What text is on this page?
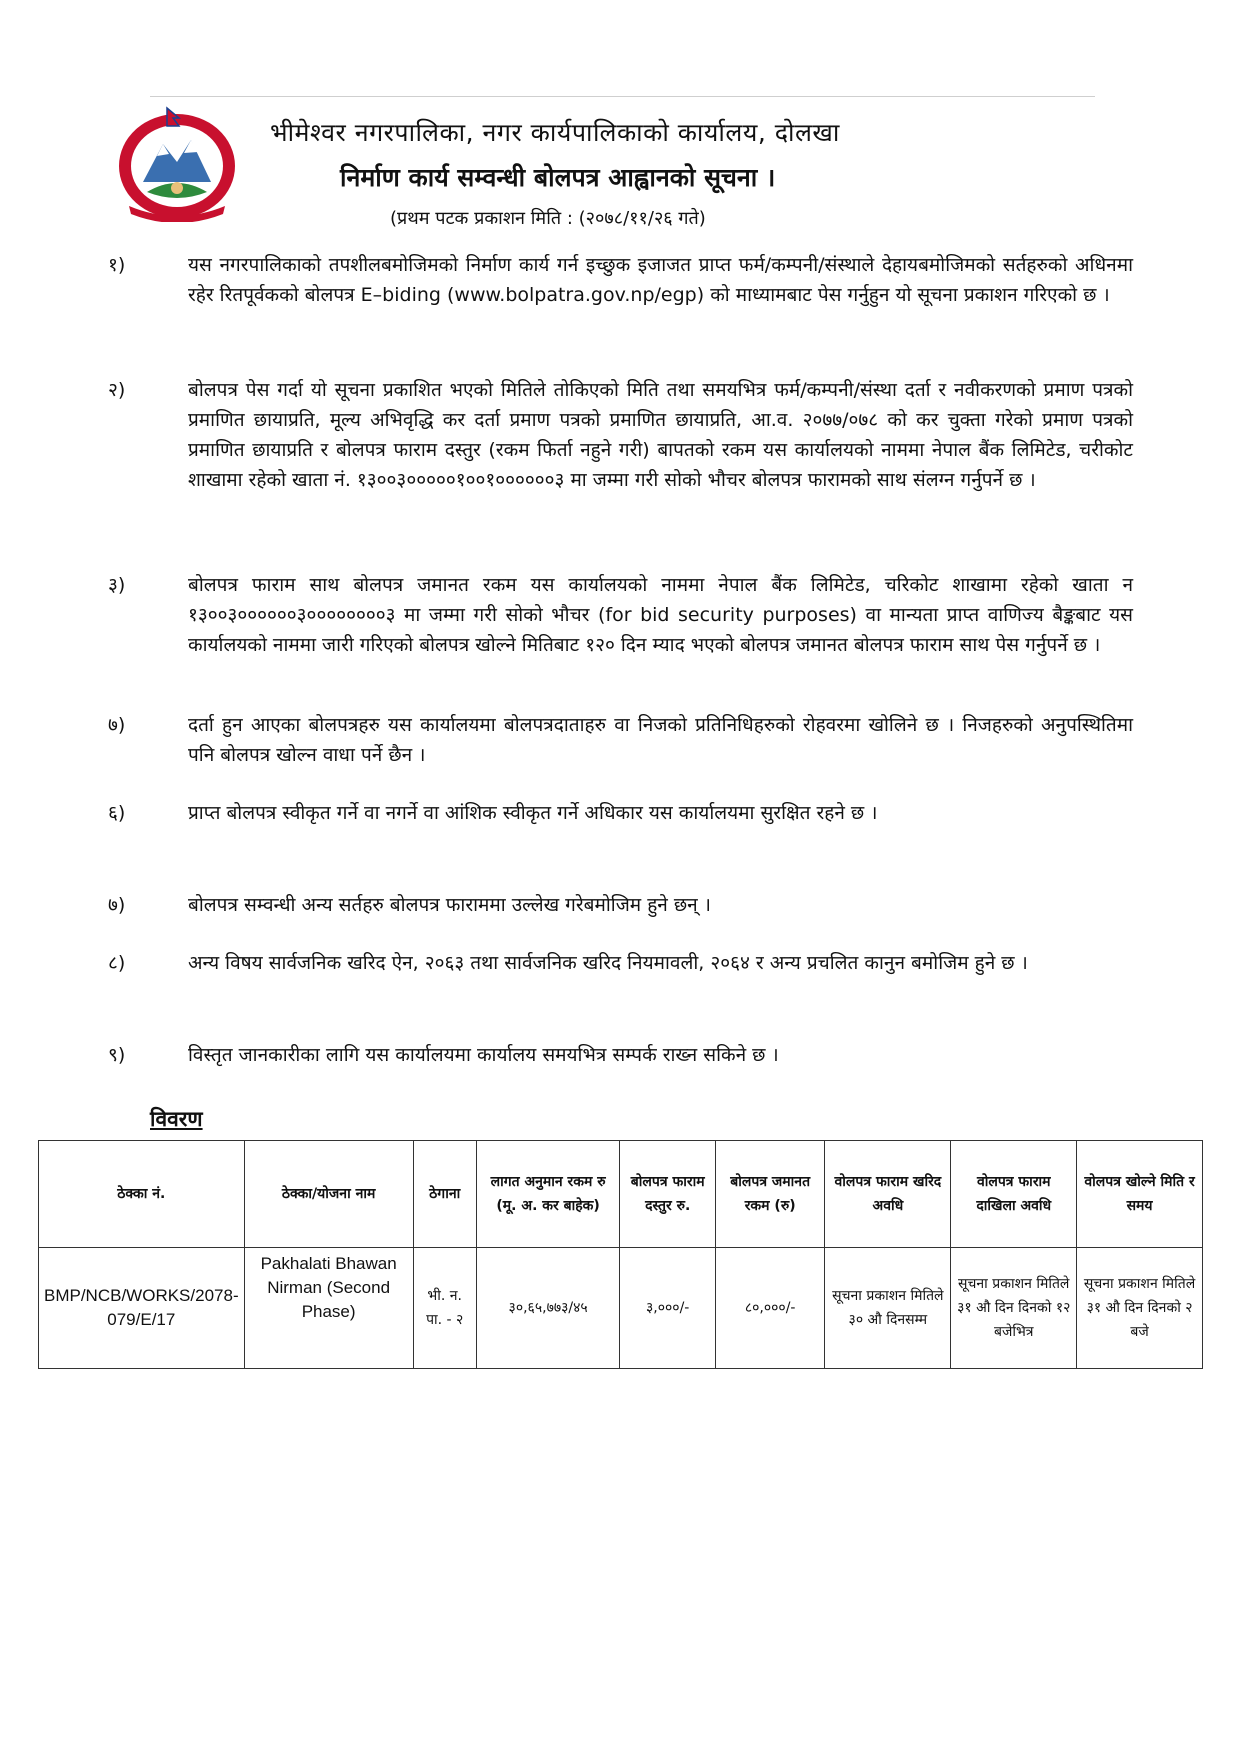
भीमेश्वर नगरपालिका, नगर कार्यपालिकाको कार्यालय, दोलखा
निर्माण कार्य सम्वन्धी बोलपत्र आह्वानको सूचना ।
(प्रथम पटक प्रकाशन मिति : (२०७८/११/२६ गते)
१)	यस नगरपालिकाको तपशीलबमोजिमको निर्माण कार्य गर्न इच्छुक इजाजत प्राप्त फर्म/कम्पनी/संस्थाले देहायबमोजिमको सर्तहरुको अधिनमा रहेर रितपूर्वकको बोलपत्र E–biding (www.bolpatra.gov.np/egp) को माध्यामबाट पेस गर्नुहुन यो सूचना प्रकाशन गरिएको छ ।
२)	बोलपत्र पेस गर्दा यो सूचना प्रकाशित भएको मितिले तोकिएको मिति तथा समयभित्र फर्म/कम्पनी/संस्था दर्ता र नवीकरणको प्रमाण पत्रको प्रमाणित छायाप्रति, मूल्य अभिवृद्धि कर दर्ता प्रमाण पत्रको प्रमाणित छायाप्रति, आ.व. २०७७/०७८ को कर चुक्ता गरेको प्रमाण पत्रको प्रमाणित छायाप्रति र बोलपत्र फाराम दस्तुर (रकम फिर्ता नहुने गरी) बापतको रकम यस कार्यालयको नाममा नेपाल बैंक लिमिटेड, चरीकोट शाखामा रहेको खाता नं. १३००३०००००१००१००००००३ मा जम्मा गरी सोको भौचर बोलपत्र फारामको साथ संलग्न गर्नुपर्ने छ ।
३)	बोलपत्र फाराम साथ बोलपत्र जमानत रकम यस कार्यालयको नाममा नेपाल बैंक लिमिटेड, चरिकोट शाखामा रहेको खाता न १३००३००००००३००००००००३ मा जम्मा गरी सोको भौचर (for bid security purposes) वा मान्यता प्राप्त वाणिज्य बैङ्कबाट यस कार्यालयको नाममा जारी गरिएको बोलपत्र खोल्ने मितिबाट १२० दिन म्याद भएको बोलपत्र जमानत बोलपत्र फाराम साथ पेस गर्नुपर्ने छ ।
७)	दर्ता हुन आएका बोलपत्रहरु यस कार्यालयमा बोलपत्रदाताहरु वा निजको प्रतिनिधिहरुको रोहवरमा खोलिने छ । निजहरुको अनुपस्थितिमा पनि बोलपत्र खोल्न वाधा पर्ने छैन ।
६)	प्राप्त बोलपत्र स्वीकृत गर्ने वा नगर्ने वा आंशिक स्वीकृत गर्ने अधिकार यस कार्यालयमा सुरक्षित रहने छ ।
७)	बोलपत्र सम्वन्धी अन्य सर्तहरु बोलपत्र फाराममा उल्लेख गरेबमोजिम हुने छन् ।
८)	अन्य विषय सार्वजनिक खरिद ऐन, २०६३ तथा सार्वजनिक खरिद नियमावली, २०६४ र अन्य प्रचलित कानुन बमोजिम हुने छ ।
९)	विस्तृत जानकारीका लागि यस कार्यालयमा कार्यालय समयभित्र सम्पर्क राख्न सकिने छ ।
विवरण
ठेक्का नं.	ठेक्का/योजना नाम	ठेगाना	लागत अनुमान रकम रु (मू. अ. कर बाहेक)	बोलपत्र फाराम दस्तुर रु.	बोलपत्र जमानत रकम (रु)	वोलपत्र फाराम खरिद अवधि	वोलपत्र फाराम दाखिला अवधि	वोलपत्र खोल्ने मिति र समय
BMP/NCB/WORKS/2078-079/E/17	Pakhalati Bhawan Nirman (Second Phase)	भी. न. पा. - २	३०,६५,७७३/४५	३,०००/-	८०,०००/-	सूचना प्रकाशन मितिले ३० औ दिनसम्म	सूचना प्रकाशन मितिले ३१ औ दिन दिनको १२ बजेभित्र	सूचना प्रकाशन मितिले ३१ औ दिन दिनको २ बजे
